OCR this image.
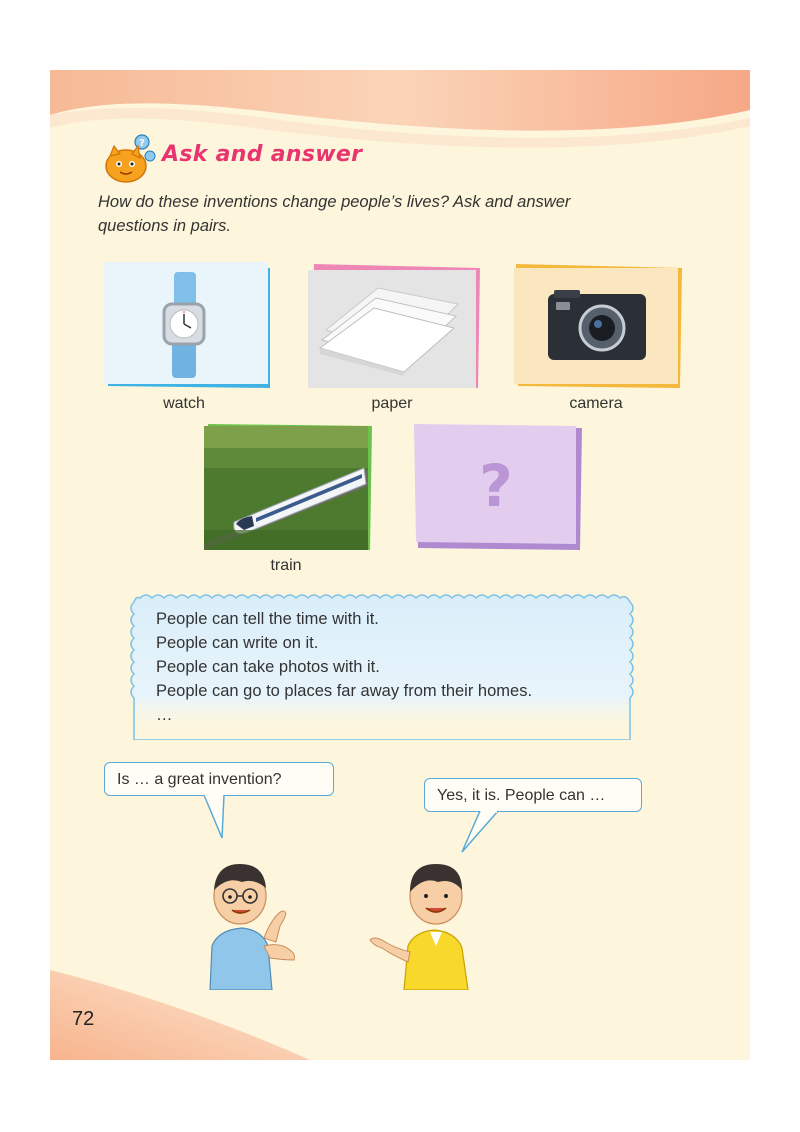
? Ask and answer
How do these inventions change people’s lives? Ask and answer
questions in pairs.
watch	paper	camera
train
?
People can tell the time with it.
People can write on it.
People can take photos with it.
People can go to places far away from their homes.
…
Is … a great invention?
Yes, it is. People can …
72
